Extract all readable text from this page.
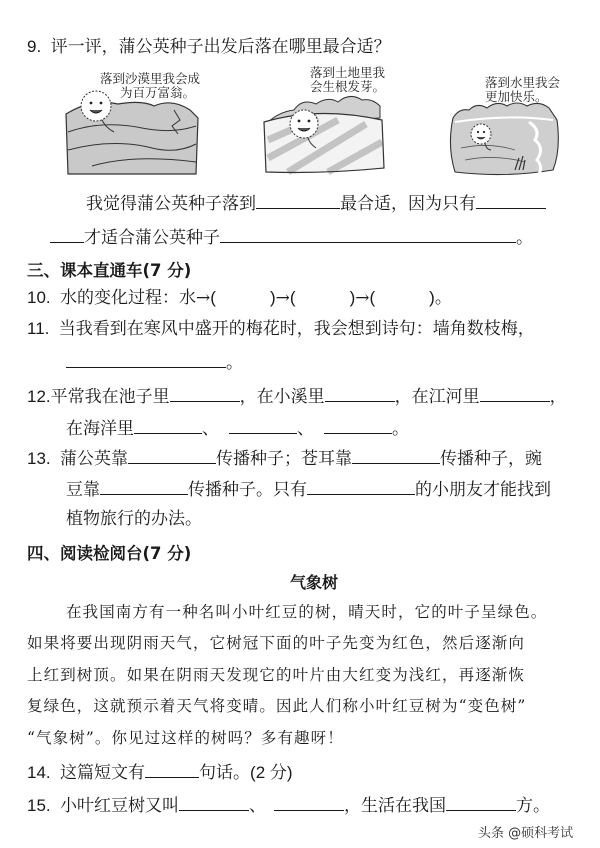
9. 评一评，蒲公英种子出发后落在哪里最合适？
落到沙漠里我会成
为百万富翁。
落到土地里我
会生根发芽。	落到水里我会
更加快乐。
我觉得蒲公英种子落到	最合适，因为只有
才适合蒲公英种子	。
三、课本直通车(7 分)
10. 水的变化过程：水→(	)→(	)→(	)。
11. 当我看到在寒风中盛开的梅花时，我会想到诗句：墙角数枝梅，
。
12.平常我在池子里	，在小溪里	，在江河里	，
在海洋里	、	、	。
13. 蒲公英靠	传播种子；苍耳靠	传播种子，豌
豆靠	传播种子。只有	的小朋友才能找到
植物旅行的办法。
四、阅读检阅台(7 分)
气象树
在我国南方有一种名叫小叶红豆的树，晴天时，它的叶子呈绿色。
如果将要出现阴雨天气，它树冠下面的叶子先变为红色，然后逐渐向
上红到树顶。如果在阴雨天发现它的叶片由大红变为浅红，再逐渐恢
复绿色，这就预示着天气将变晴。因此人们称小叶红豆树为“变色树”
“气象树”。你见过这样的树吗？多有趣呀！
14. 这篇短文有	句话。(2 分)
15. 小叶红豆树又叫	、	，生活在我国	方。
头条 @硕科考试
